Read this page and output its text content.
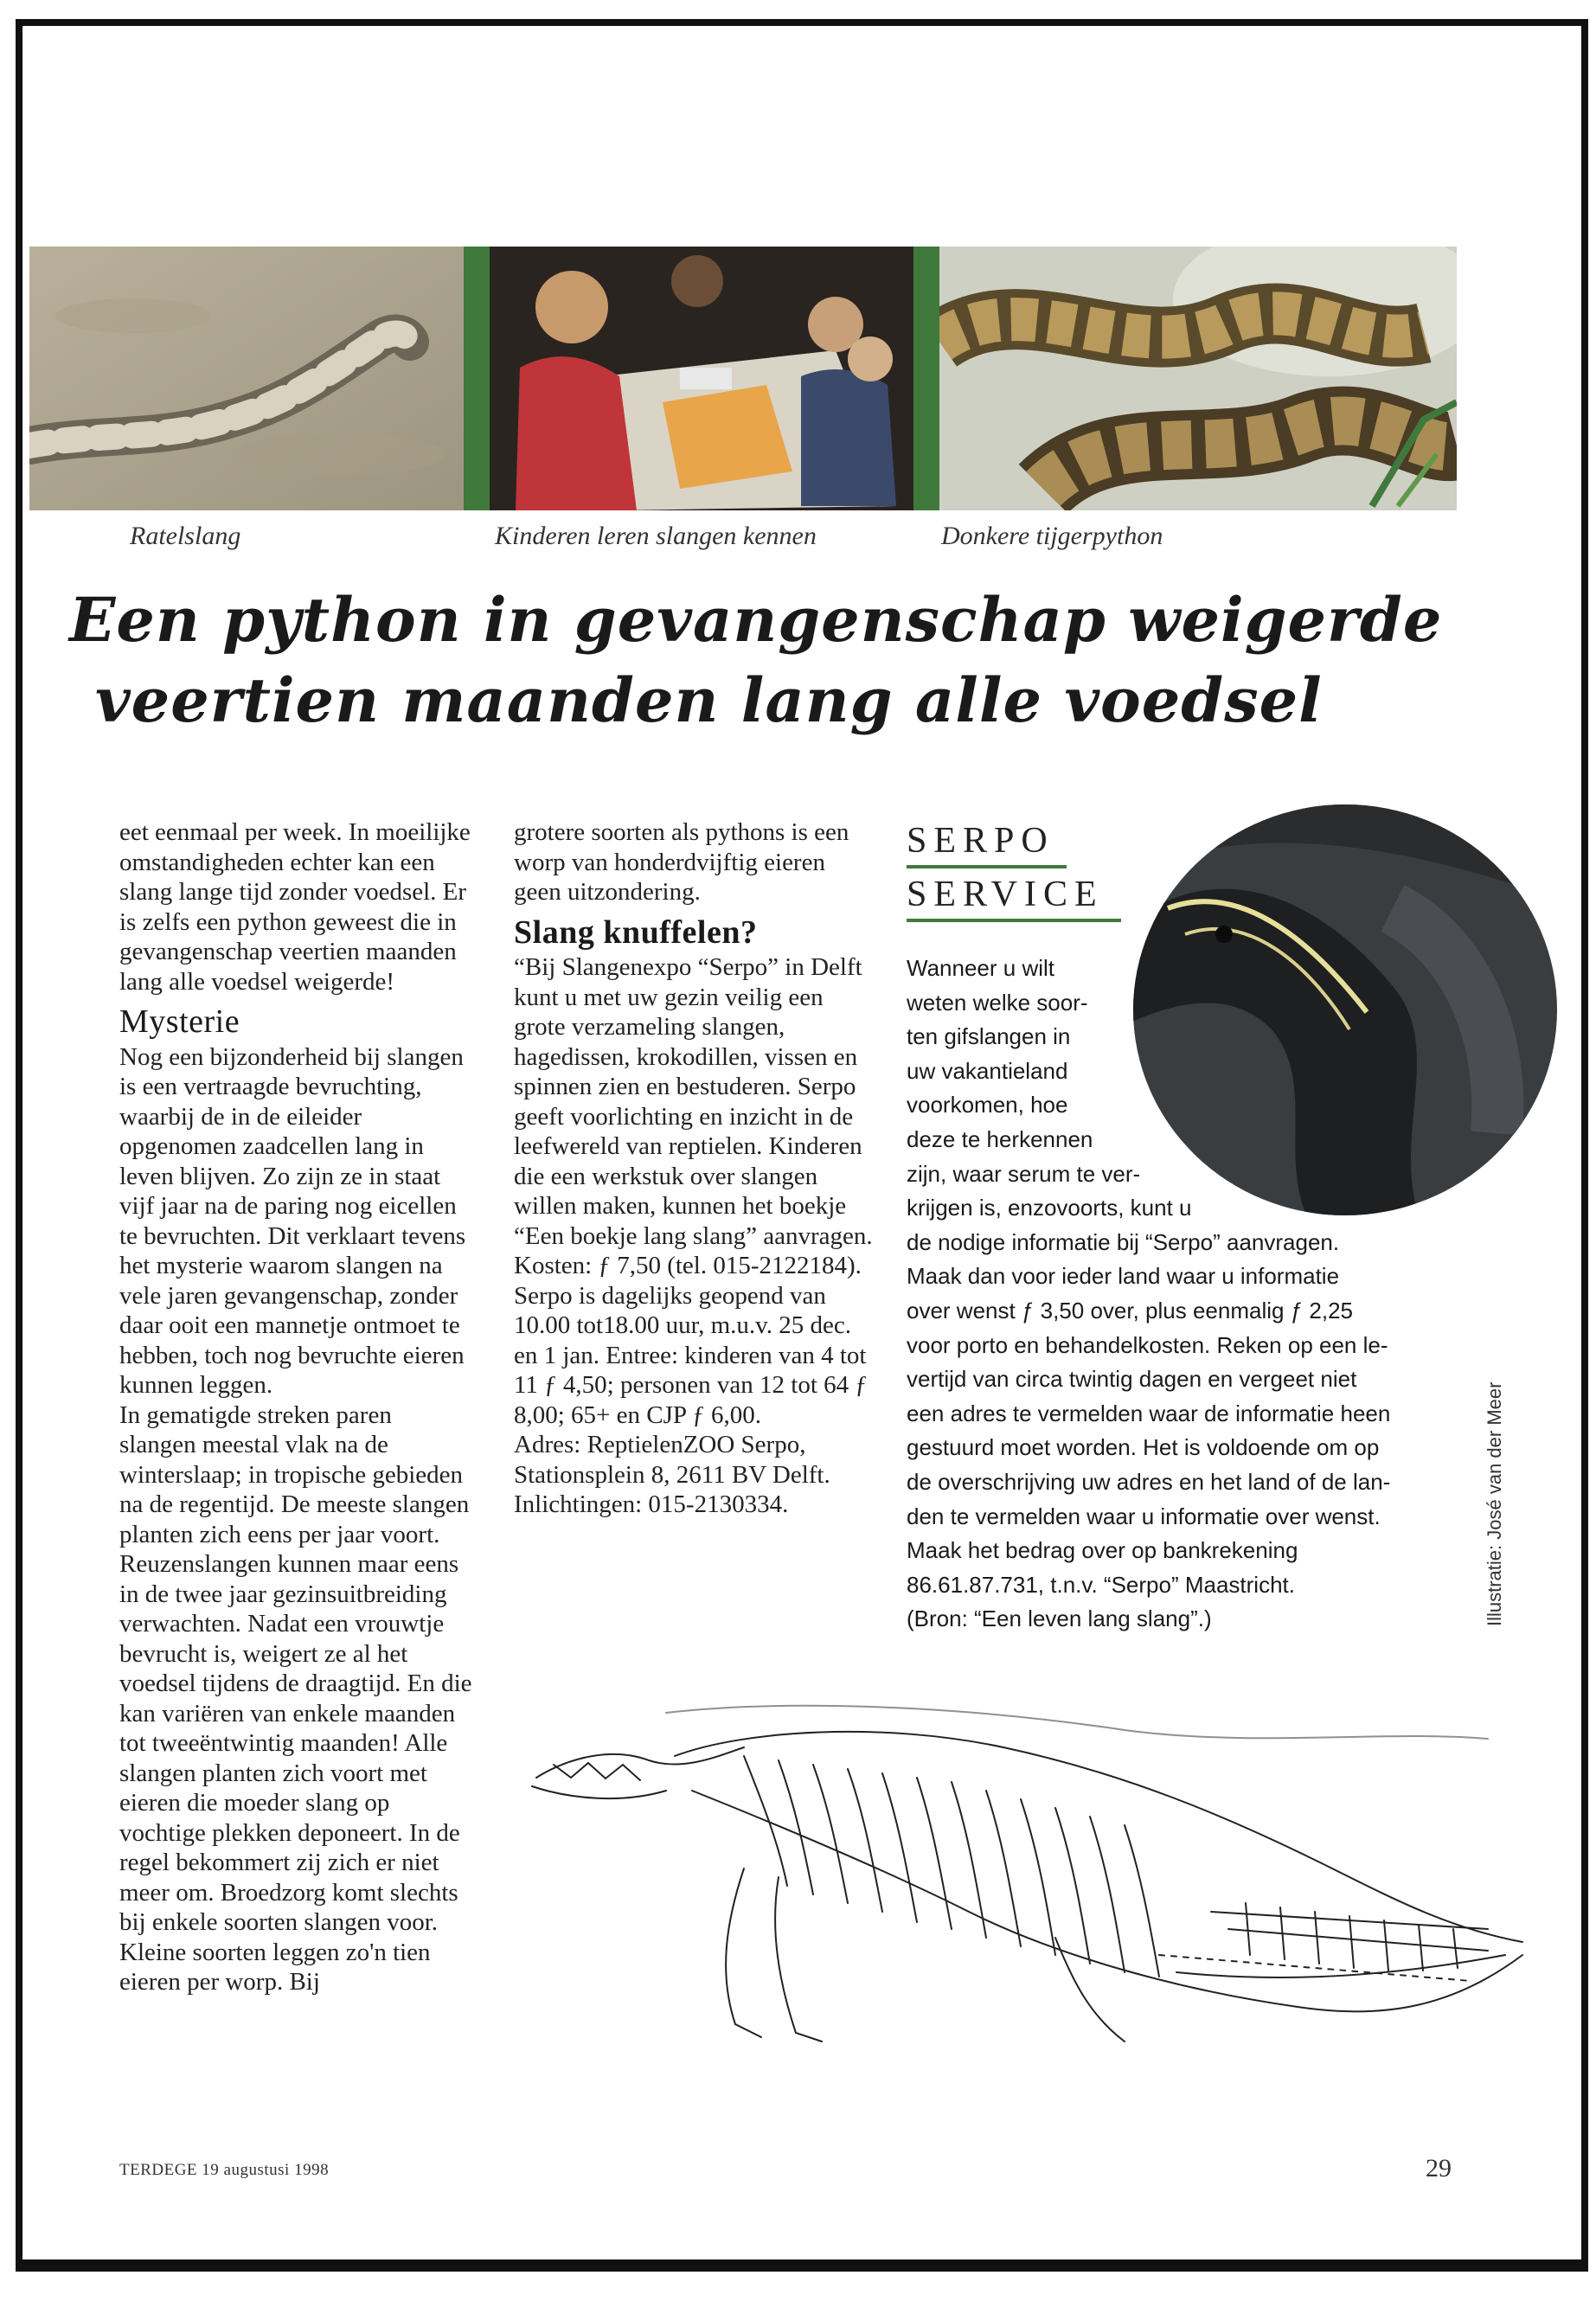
Ratelslang	Kinderen leren slangen kennen	Donkere tijgerpython
Een python in gevangenschap weigerde
veertien maanden lang alle voedsel

eet eenmaal per week. In moeilijke omstandigheden echter kan een slang lange tijd zonder voedsel. Er is zelfs een python geweest die in gevangenschap veertien maanden lang alle voedsel weigerde!

Mysterie

Nog een bijzonderheid bij slangen is een vertraagde bevruchting, waarbij de in de eileider opgenomen zaadcellen lang in leven blijven. Zo zijn ze in staat vijf jaar na de paring nog eicellen te bevruchten. Dit verklaart tevens het mysterie waarom slangen na vele jaren gevangenschap, zonder daar ooit een mannetje ontmoet te hebben, toch nog bevruchte eieren kunnen leggen.

In gematigde streken paren slangen meestal vlak na de winterslaap; in tropische gebieden na de regentijd. De meeste slangen planten zich eens per jaar voort. Reuzenslangen kunnen maar eens in de twee jaar gezinsuitbreiding verwachten. Nadat een vrouwtje bevrucht is, weigert ze al het voedsel tijdens de draagtijd. En die kan variëren van enkele maanden tot tweeëntwintig maanden! Alle slangen planten zich voort met eieren die moeder slang op vochtige plekken deponeert. In de regel bekommert zij zich er niet meer om. Broedzorg komt slechts bij enkele soorten slangen voor. Kleine soorten leggen zo'n tien eieren per worp. Bij

grotere soorten als pythons is een worp van honderdvijftig eieren geen uitzondering.

Slang knuffelen?

“Bij Slangenexpo “Serpo” in Delft kunt u met uw gezin veilig een grote verzameling slangen, hagedissen, krokodillen, vissen en spinnen zien en bestuderen. Serpo geeft voorlichting en inzicht in de leefwereld van reptielen. Kinderen die een werkstuk over slangen willen maken, kunnen het boekje “Een boekje lang slang” aanvragen. Kosten: ƒ 7,50 (tel. 015-2122184).

Serpo is dagelijks geopend van 10.00 tot18.00 uur, m.u.v. 25 dec. en 1 jan. Entree: kinderen van 4 tot 11 ƒ 4,50; personen van 12 tot 64 ƒ 8,00; 65+ en CJP ƒ 6,00.

Adres: ReptielenZOO Serpo, Stationsplein 8, 2611 BV Delft. Inlichtingen: 015-2130334.

SERPO
SERVICE

Wanneer u wilt

weten welke soor-

ten gifslangen in

uw vakantieland

voorkomen, hoe

deze te herkennen

zijn, waar serum te ver-

krijgen is, enzovoorts, kunt u

de nodige informatie bij “Serpo” aanvragen.

Maak dan voor ieder land waar u informatie

over wenst ƒ 3,50 over, plus eenmalig ƒ 2,25

voor porto en behandelkosten. Reken op een le-

vertijd van circa twintig dagen en vergeet niet

een adres te vermelden waar de informatie heen

gestuurd moet worden. Het is voldoende om op

de overschrijving uw adres en het land of de lan-

den te vermelden waar u informatie over wenst.

Maak het bedrag over op bankrekening

86.61.87.731, t.n.v. “Serpo” Maastricht.

(Bron: “Een leven lang slang”.)	Illustratie: José van der Meer
TERDEGE 19 augustusi 1998	29
